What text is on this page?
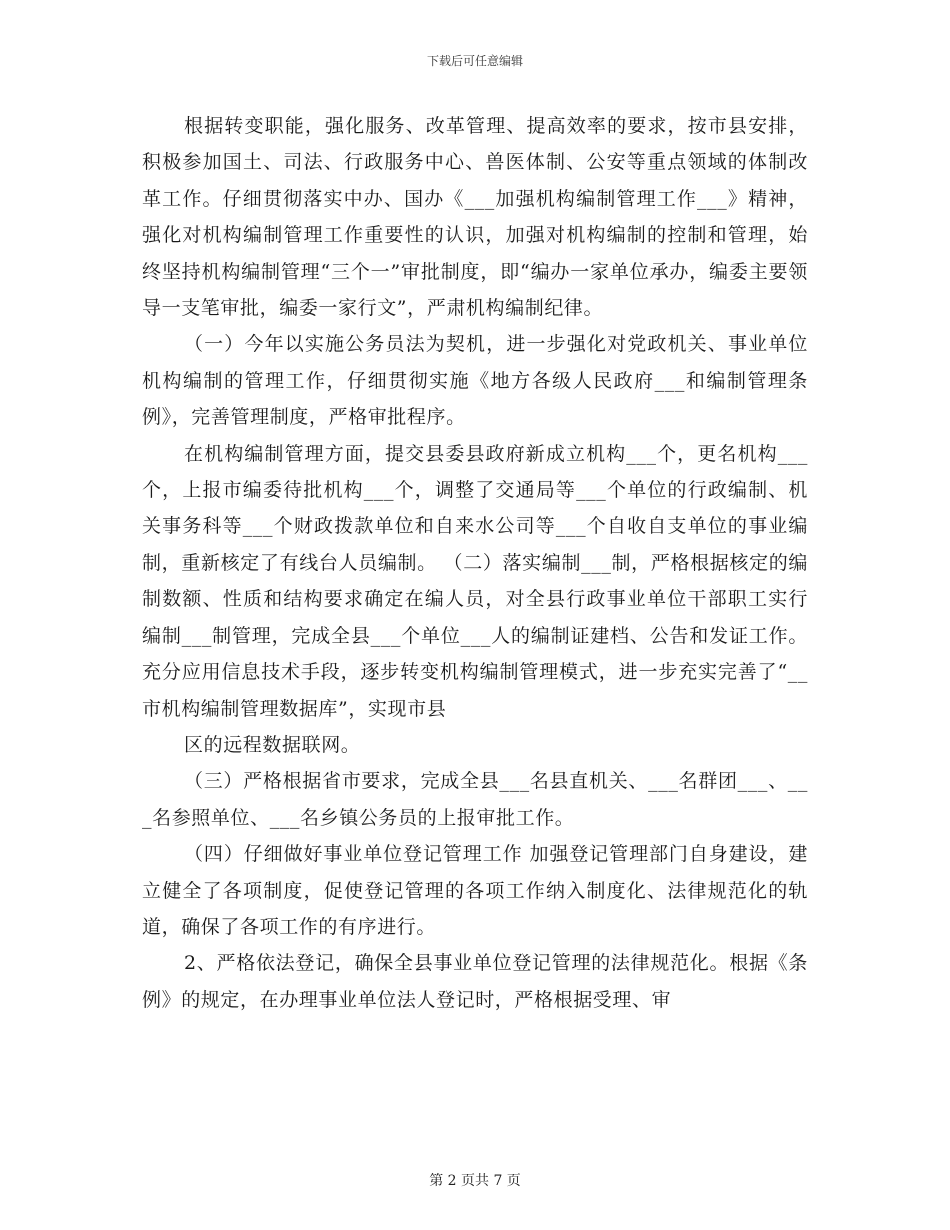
下载后可任意编辑

根据转变职能，强化服务、改革管理、提高效率的要求，按市县安排，积极参加国土、司法、行政服务中心、兽医体制、公安等重点领域的体制改革工作。仔细贯彻落实中办、国办《___加强机构编制管理工作___》精神，强化对机构编制管理工作重要性的认识，加强对机构编制的控制和管理，始终坚持机构编制管理“三个一”审批制度，即“编办一家单位承办，编委主要领导一支笔审批，编委一家行文”，严肃机构编制纪律。

（一）今年以实施公务员法为契机，进一步强化对党政机关、事业单位机构编制的管理工作，仔细贯彻实施《地方各级人民政府___和编制管理条例》，完善管理制度，严格审批程序。

在机构编制管理方面，提交县委县政府新成立机构___个，更名机构___个，上报市编委待批机构___个，调整了交通局等___个单位的行政编制、机关事务科等___个财政拨款单位和自来水公司等___个自收自支单位的事业编制，重新核定了有线台人员编制。 （二）落实编制___制，严格根据核定的编制数额、性质和结构要求确定在编人员，对全县行政事业单位干部职工实行编制___制管理，完成全县___个单位___人的编制证建档、公告和发证工作。充分应用信息技术手段，逐步转变机构编制管理模式，进一步充实完善了“__市机构编制管理数据库”，实现市县

区的远程数据联网。

（三）严格根据省市要求，完成全县___名县直机关、___名群团___、___名参照单位、___名乡镇公务员的上报审批工作。

（四）仔细做好事业单位登记管理工作 加强登记管理部门自身建设，建立健全了各项制度，促使登记管理的各项工作纳入制度化、法律规范化的轨道，确保了各项工作的有序进行。

2、严格依法登记，确保全县事业单位登记管理的法律规范化。根据《条例》的规定，在办理事业单位法人登记时，严格根据受理、审

第 2 页共 7 页
